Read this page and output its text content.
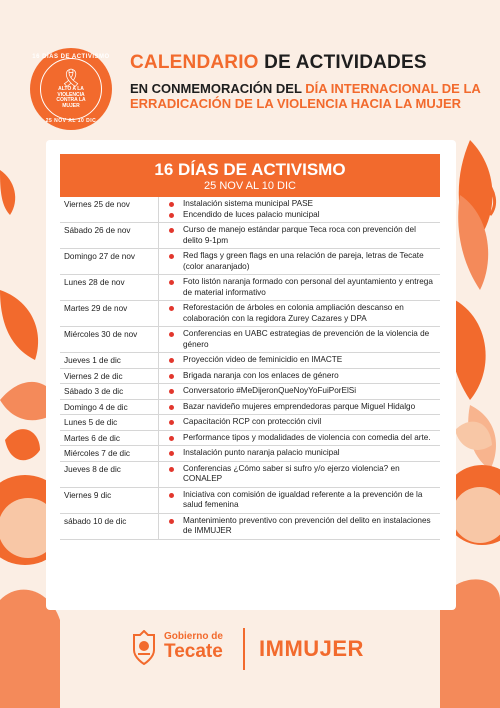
16 DÍAS DE ACTIVISMO
🎗
ALTO A LA VIOLENCIA CONTRA LA MUJER
25 NOV AL 10 DIC
CALENDARIO DE ACTIVIDADES
EN CONMEMORACIÓN DEL DÍA INTERNACIONAL DE LA ERRADICACIÓN DE LA VIOLENCIA HACIA LA MUJER
16 DÍAS DE ACTIVISMO
25 NOV AL 10 DIC
Viernes 25 de nov	Instalación sistema municipal PASE
Encendido de luces palacio municipal
Sábado 26 de nov	Curso de manejo estándar parque Teca roca con prevención del delito 9-1pm
Domingo 27 de nov	Red flags y green flags en una relación de pareja, letras de Tecate (color anaranjado)
Lunes 28 de nov	Foto listón naranja formado con personal del ayuntamiento y entrega de material informativo
Martes 29 de nov	Reforestación de árboles en colonia ampliación descanso en colaboración con la regidora Zurey Cazares y DPA
Miércoles 30 de nov	Conferencias en UABC estrategias de prevención de la violencia de género
Jueves 1 de dic	Proyección video de feminicidio en IMACTE
Viernes 2 de dic	Brigada naranja con los enlaces de género
Sábado 3 de dic	Conversatorio #MeDijeronQueNoyYoFuiPorElSi
Domingo 4 de dic	Bazar navideño mujeres emprendedoras parque Miguel Hidalgo
Lunes 5 de dic	Capacitación RCP con protección civil
Martes 6 de dic	Performance tipos y modalidades de violencia con comedia del arte.
Miércoles 7 de dic	Instalación punto naranja palacio municipal
Jueves 8 de dic	Conferencias ¿Cómo saber si sufro y/o ejerzo violencia? en CONALEP
Viernes 9 dic	Iniciativa con comisión de igualdad referente a la prevención de la salud femenina
sábado 10 de dic	Mantenimiento preventivo con prevención del delito en instalaciones de IMMUJER
Gobierno de
Tecate IMMUJER
